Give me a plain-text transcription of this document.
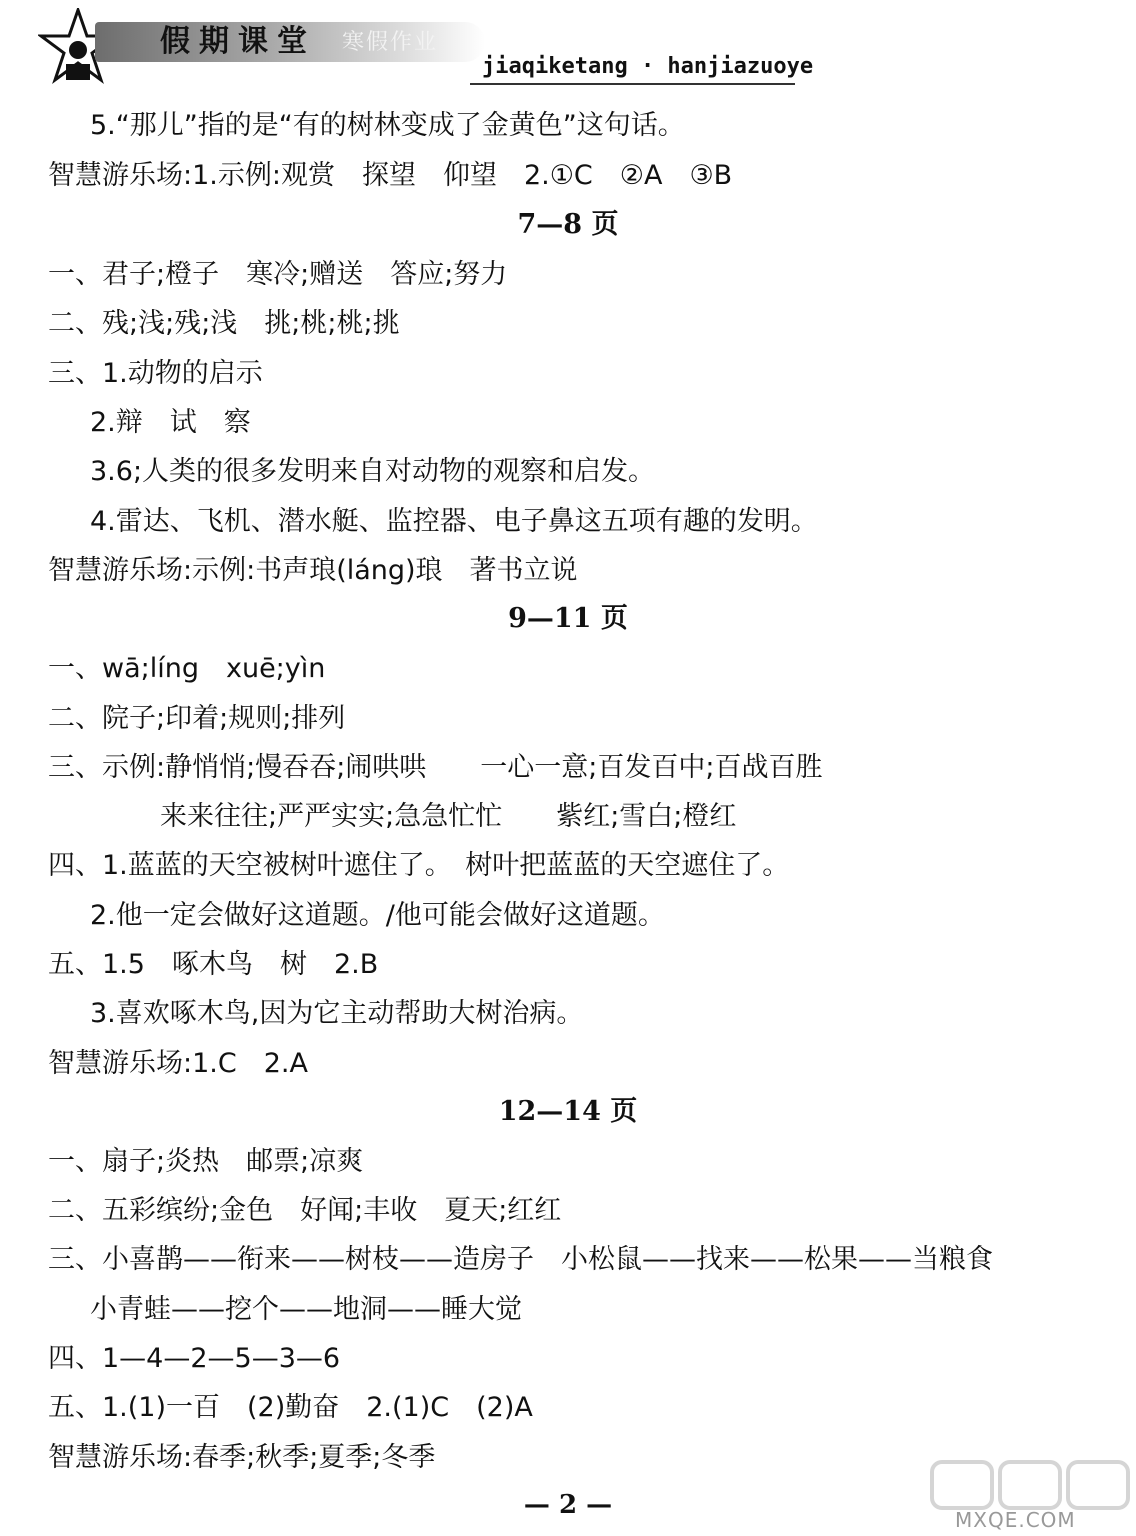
假期课堂 寒假作业
jiaqiketang · hanjiazuoye
5.“那儿”指的是“有的树林变成了金黄色”这句话。
智慧游乐场:1.示例:观赏　探望　仰望　2.①C　②A　③B
7—8 页
一、君子;橙子　寒冷;赠送　答应;努力
二、残;浅;残;浅　挑;桃;桃;挑
三、1.动物的启示
2.辩　试　察
3.6;人类的很多发明来自对动物的观察和启发。
4.雷达、飞机、潜水艇、监控器、电子鼻这五项有趣的发明。
智慧游乐场:示例:书声琅(láng)琅　著书立说
9—11 页
一、wā;líng　xuē;yìn
二、院子;印着;规则;排列
三、示例:静悄悄;慢吞吞;闹哄哄　　一心一意;百发百中;百战百胜
来来往往;严严实实;急急忙忙　　紫红;雪白;橙红
四、1.蓝蓝的天空被树叶遮住了。　树叶把蓝蓝的天空遮住了。
2.他一定会做好这道题。/他可能会做好这道题。
五、1.5　啄木鸟　树　2.B
3.喜欢啄木鸟,因为它主动帮助大树治病。
智慧游乐场:1.C　2.A
12—14 页
一、扇子;炎热　邮票;凉爽
二、五彩缤纷;金色　好闻;丰收　夏天;红红
三、小喜鹊——衔来——树枝——造房子　小松鼠——找来——松果——当粮食
小青蛙——挖个——地洞——睡大觉
四、1—4—2—5—3—6
五、1.(1)一百　(2)勤奋　2.(1)C　(2)A
智慧游乐场:春季;秋季;夏季;冬季
— 2 —	MXQE.COM
